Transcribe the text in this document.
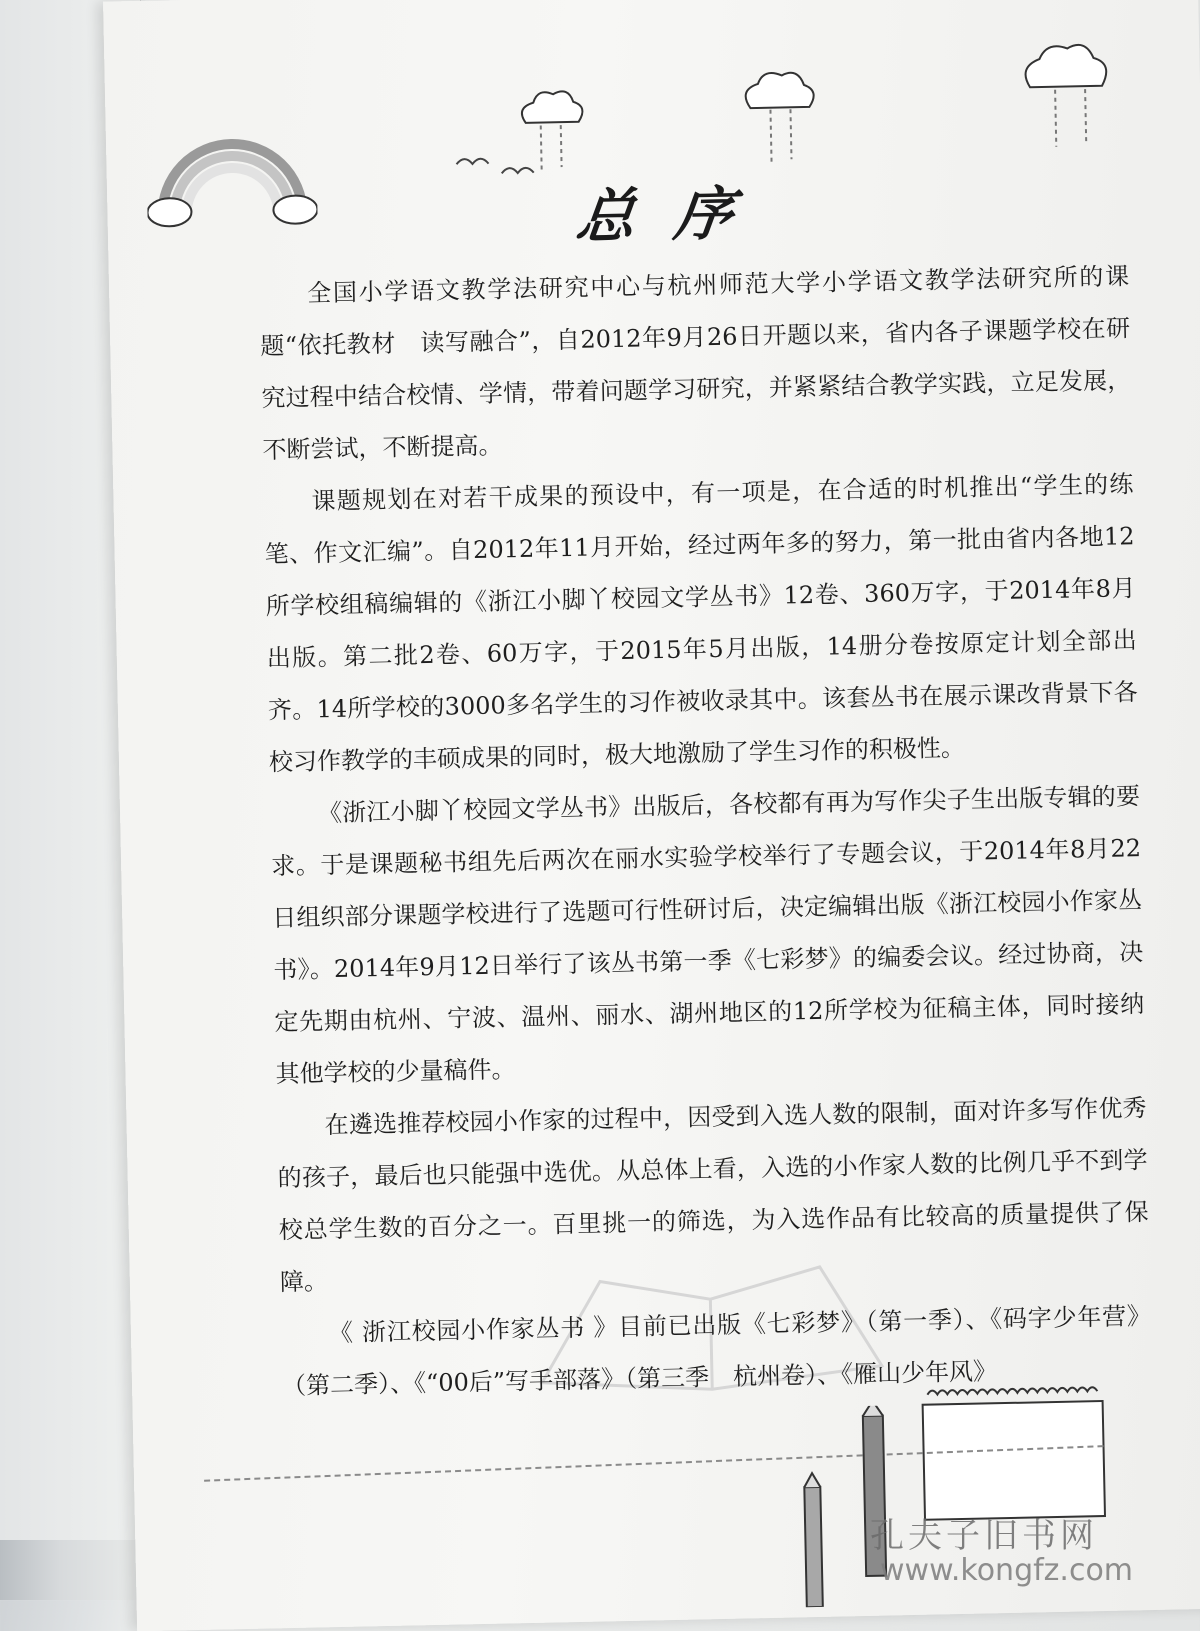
总序

全国小学语文教学法研究中心与杭州师范大学小学语文教学法研究所的课题“依托教材　读写融合”，自2012年9月26日开题以来，省内各子课题学校在研究过程中结合校情、学情，带着问题学习研究，并紧紧结合教学实践，立足发展，不断尝试，不断提高。

课题规划在对若干成果的预设中，有一项是，在合适的时机推出“学生的练笔、作文汇编”。自2012年11月开始，经过两年多的努力，第一批由省内各地12所学校组稿编辑的《浙江小脚丫校园文学丛书》12卷、360万字，于2014年8月出版。第二批2卷、60万字，于2015年5月出版，14册分卷按原定计划全部出齐。14所学校的3000多名学生的习作被收录其中。该套丛书在展示课改背景下各校习作教学的丰硕成果的同时，极大地激励了学生习作的积极性。

《浙江小脚丫校园文学丛书》出版后，各校都有再为写作尖子生出版专辑的要求。于是课题秘书组先后两次在丽水实验学校举行了专题会议，于2014年8月22日组织部分课题学校进行了选题可行性研讨后，决定编辑出版《浙江校园小作家丛书》。2014年9月12日举行了该丛书第一季《七彩梦》的编委会议。经过协商，决定先期由杭州、宁波、温州、丽水、湖州地区的12所学校为征稿主体，同时接纳其他学校的少量稿件。

在遴选推荐校园小作家的过程中，因受到入选人数的限制，面对许多写作优秀的孩子，最后也只能强中选优。从总体上看，入选的小作家人数的比例几乎不到学校总学生数的百分之一。百里挑一的筛选，为入选作品有比较高的质量提供了保障。

《 浙江校园小作家丛书 》目前已出版《七彩梦》（第一季）、《码字少年营》（第二季）、《“00后”写手部落》（第三季　杭州卷）、《雁山少年风》

孔夫子旧书网
www.kongfz.com
